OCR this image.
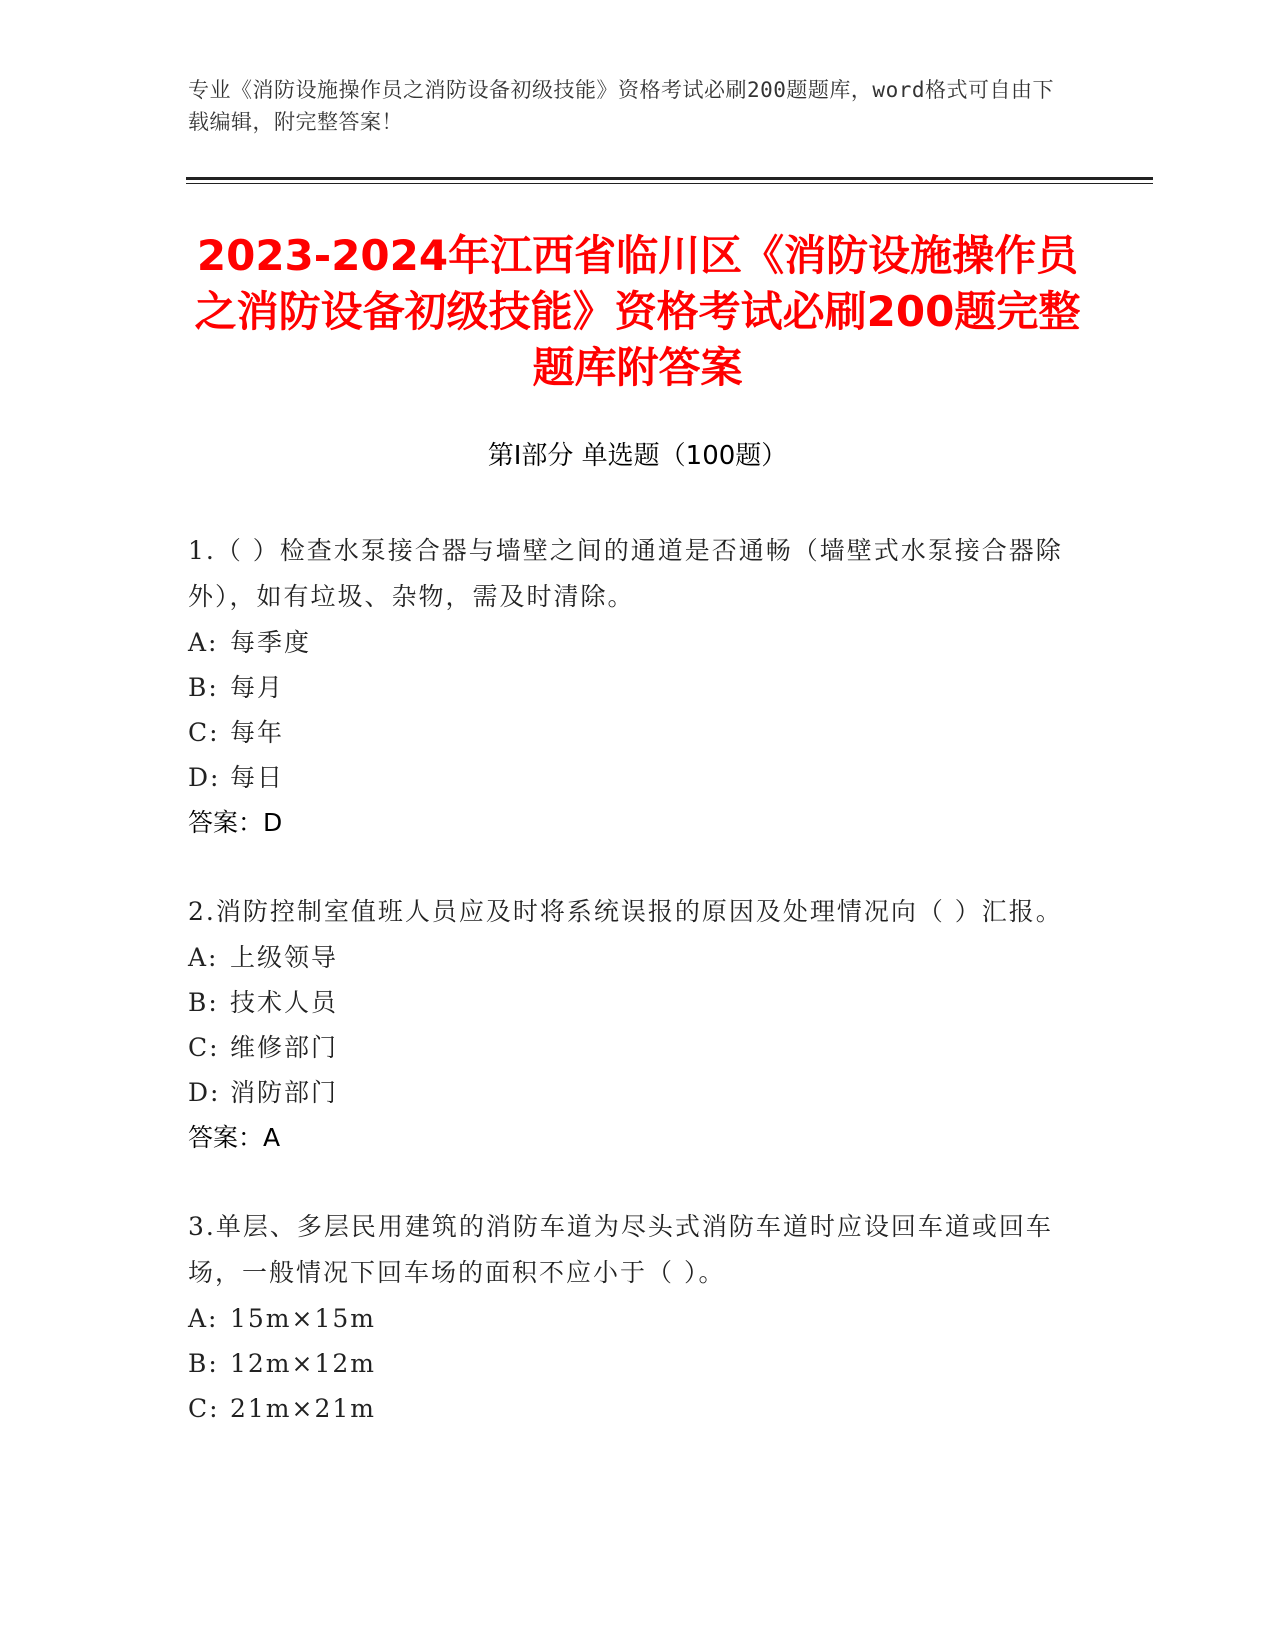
专业《消防设施操作员之消防设备初级技能》资格考试必刷200题题库，word格式可自由下载编辑，附完整答案！
2023-2024年江西省临川区《消防设施操作员之消防设备初级技能》资格考试必刷200题完整题库附答案
第I部分 单选题（100题）

1.（ ）检查水泵接合器与墙壁之间的通道是否通畅（墙壁式水泵接合器除外），如有垃圾、杂物，需及时清除。

A: 每季度

B: 每月

C: 每年

D: 每日

答案：D

2.消防控制室值班人员应及时将系统误报的原因及处理情况向（ ）汇报。

A: 上级领导

B: 技术人员

C: 维修部门

D: 消防部门

答案：A

3.单层、多层民用建筑的消防车道为尽头式消防车道时应设回车道或回车场，一般情况下回车场的面积不应小于（ ）。

A: 15m×15m

B: 12m×12m

C: 21m×21m
